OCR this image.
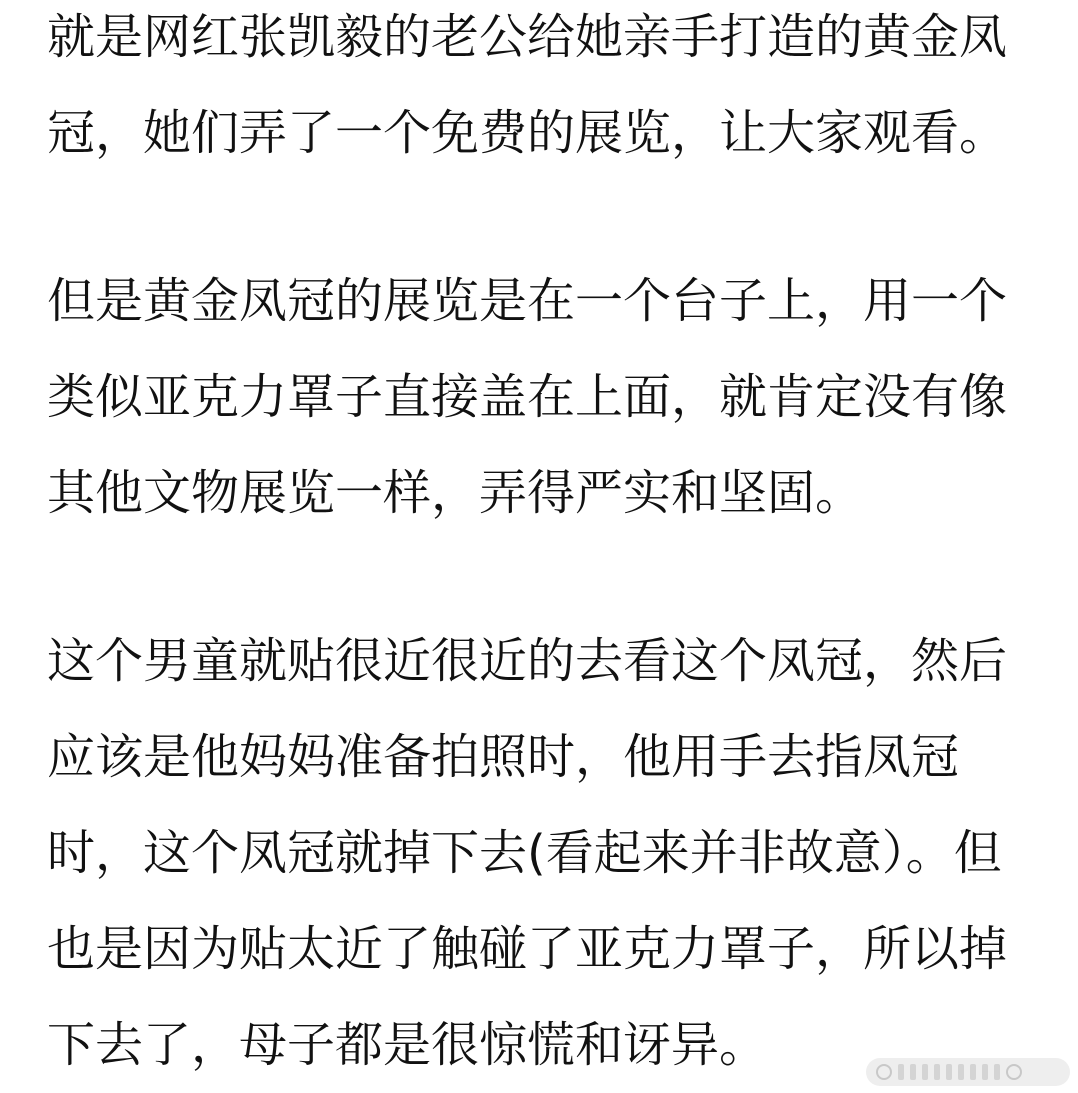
就是网红张凯毅的老公给她亲手打造的黄金凤
冠，她们弄了一个免费的展览，让大家观看。

但是黄金凤冠的展览是在一个台子上，用一个
类似亚克力罩子直接盖在上面，就肯定没有像
其他文物展览一样，弄得严实和坚固。

这个男童就贴很近很近的去看这个凤冠，然后
应该是他妈妈准备拍照时，他用手去指凤冠
时，这个凤冠就掉下去(看起来并非故意）。但
也是因为贴太近了触碰了亚克力罩子，所以掉
下去了，母子都是很惊慌和讶异。
